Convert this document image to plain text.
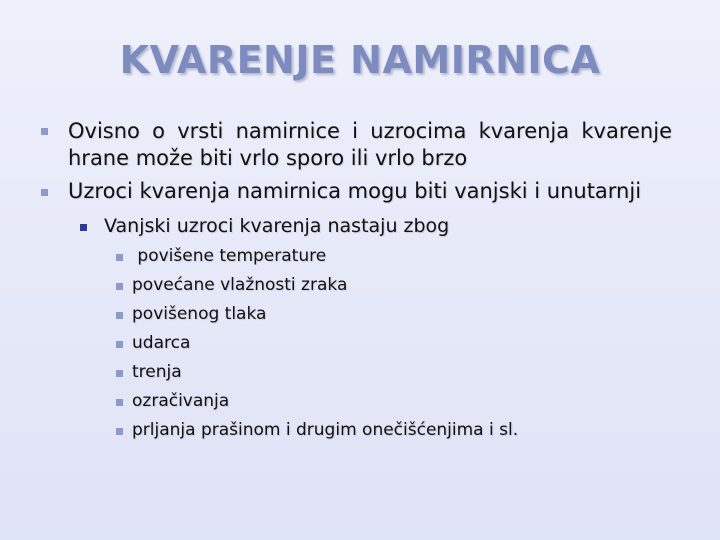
KVARENJE NAMIRNICA
Ovisno o vrsti namirnice i uzrocima kvarenja kvarenje hrane može biti vrlo sporo ili vrlo brzo
Uzroci kvarenja namirnica mogu biti vanjski i unutarnji
Vanjski uzroci kvarenja nastaju zbog
povišene temperature
povećane vlažnosti zraka
povišenog tlaka
udarca
trenja
ozračivanja
prljanja prašinom i drugim onečišćenjima i sl.
